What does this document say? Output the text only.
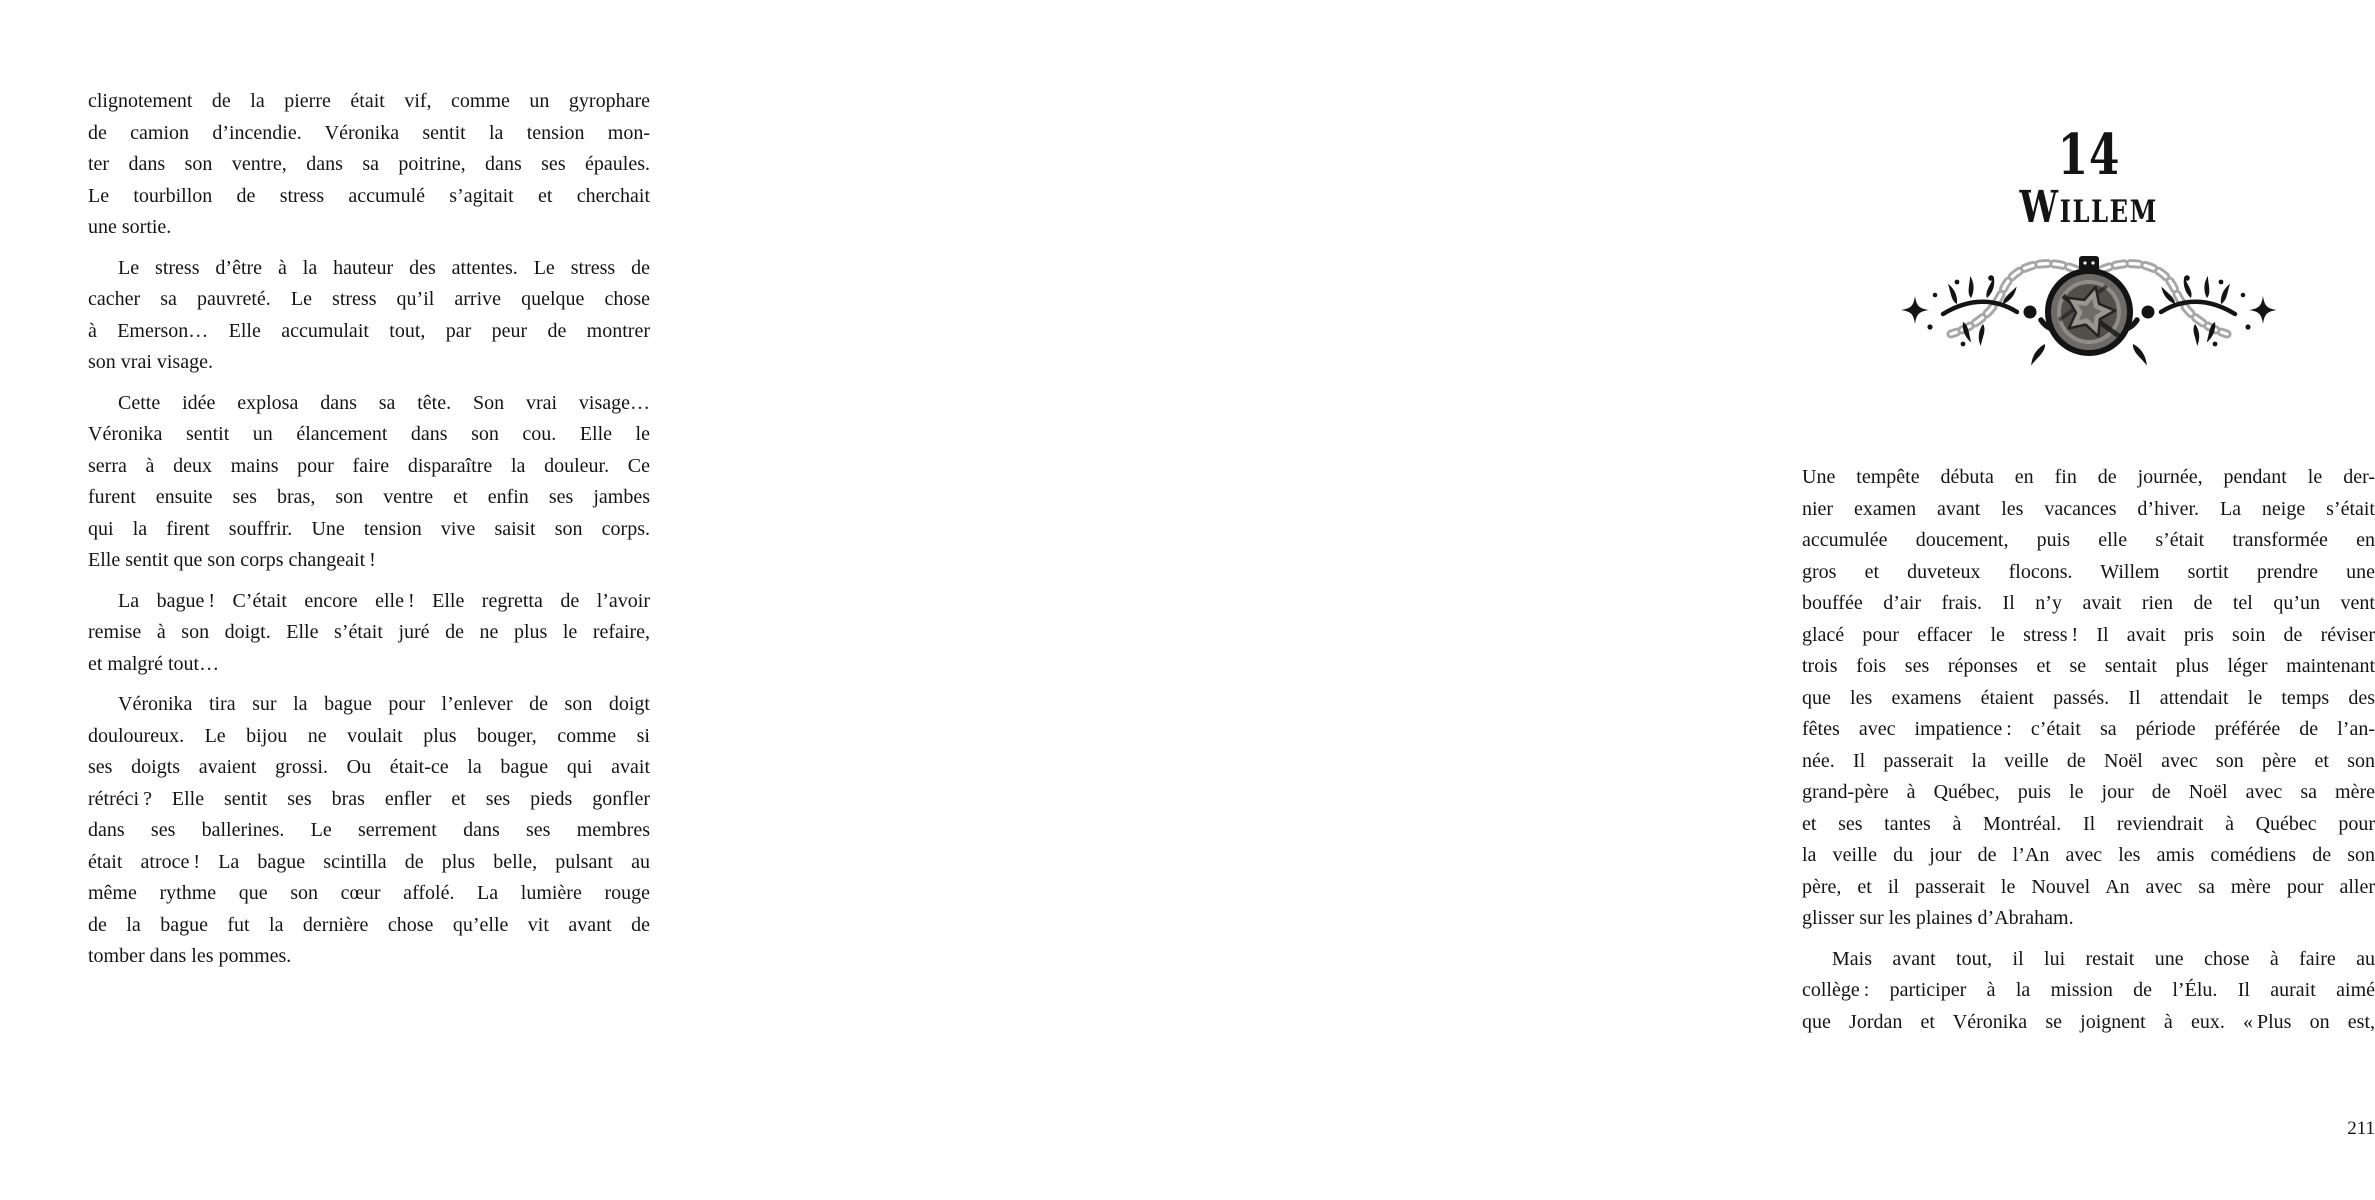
clignotement de la pierre était vif, comme un gyrophare
de camion d’incendie. Véronika sentit la tension mon-
ter dans son ventre, dans sa poitrine, dans ses épaules.
Le tourbillon de stress accumulé s’agitait et cherchait
une sortie.
Le stress d’être à la hauteur des attentes. Le stress de
cacher sa pauvreté. Le stress qu’il arrive quelque chose
à Emerson… Elle accumulait tout, par peur de montrer
son vrai visage.
Cette idée explosa dans sa tête. Son vrai visage…
Véronika sentit un élancement dans son cou. Elle le
serra à deux mains pour faire disparaître la douleur. Ce
furent ensuite ses bras, son ventre et enfin ses jambes
qui la firent souffrir. Une tension vive saisit son corps.
Elle sentit que son corps changeait !
La bague ! C’était encore elle ! Elle regretta de l’avoir
remise à son doigt. Elle s’était juré de ne plus le refaire,
et malgré tout…
Véronika tira sur la bague pour l’enlever de son doigt
douloureux. Le bijou ne voulait plus bouger, comme si
ses doigts avaient grossi. Ou était-ce la bague qui avait
rétréci ? Elle sentit ses bras enfler et ses pieds gonfler
dans ses ballerines. Le serrement dans ses membres
était atroce ! La bague scintilla de plus belle, pulsant au
même rythme que son cœur affolé. La lumière rouge
de la bague fut la dernière chose qu’elle vit avant de
tomber dans les pommes.
14
WILLEM
Une tempête débuta en fin de journée, pendant le der-
nier examen avant les vacances d’hiver. La neige s’était
accumulée doucement, puis elle s’était transformée en
gros et duveteux flocons. Willem sortit prendre une
bouffée d’air frais. Il n’y avait rien de tel qu’un vent
glacé pour effacer le stress ! Il avait pris soin de réviser
trois fois ses réponses et se sentait plus léger maintenant
que les examens étaient passés. Il attendait le temps des
fêtes avec impatience : c’était sa période préférée de l’an-
née. Il passerait la veille de Noël avec son père et son
grand-père à Québec, puis le jour de Noël avec sa mère
et ses tantes à Montréal. Il reviendrait à Québec pour
la veille du jour de l’An avec les amis comédiens de son
père, et il passerait le Nouvel An avec sa mère pour aller
glisser sur les plaines d’Abraham.
Mais avant tout, il lui restait une chose à faire au
collège : participer à la mission de l’Élu. Il aurait aimé
que Jordan et Véronika se joignent à eux. « Plus on est,
211
